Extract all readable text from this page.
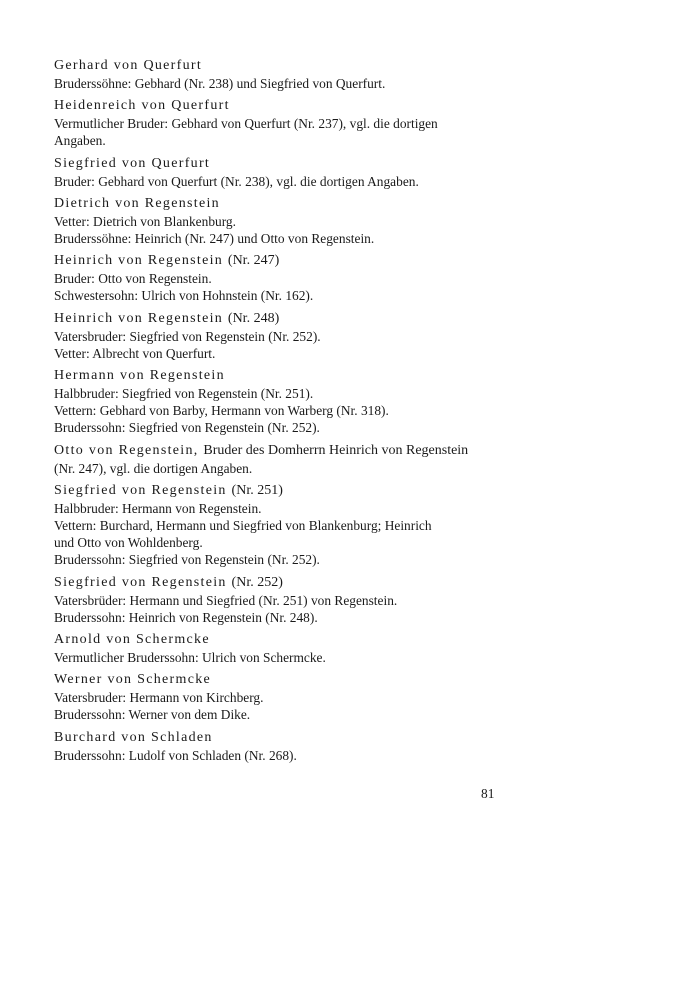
Gerhard von Querfurt
Bruderssöhne: Gebhard (Nr. 238) und Siegfried von Querfurt.
Heidenreich von Querfurt
Vermutlicher Bruder: Gebhard von Querfurt (Nr. 237), vgl. die dortigen
Angaben.
Siegfried von Querfurt
Bruder: Gebhard von Querfurt (Nr. 238), vgl. die dortigen Angaben.
Dietrich von Regenstein
Vetter: Dietrich von Blankenburg.
Bruderssöhne: Heinrich (Nr. 247) und Otto von Regenstein.
Heinrich von Regenstein (Nr. 247)
Bruder: Otto von Regenstein.
Schwestersohn: Ulrich von Hohnstein (Nr. 162).
Heinrich von Regenstein (Nr. 248)
Vatersbruder: Siegfried von Regenstein (Nr. 252).
Vetter: Albrecht von Querfurt.
Hermann von Regenstein
Halbbruder: Siegfried von Regenstein (Nr. 251).
Vettern: Gebhard von Barby, Hermann von Warberg (Nr. 318).
Bruderssohn: Siegfried von Regenstein (Nr. 252).
Otto von Regenstein, Bruder des Domherrn Heinrich von Regenstein
(Nr. 247), vgl. die dortigen Angaben.
Siegfried von Regenstein (Nr. 251)
Halbbruder: Hermann von Regenstein.
Vettern: Burchard, Hermann und Siegfried von Blankenburg; Heinrich
und Otto von Wohldenberg.
Bruderssohn: Siegfried von Regenstein (Nr. 252).
Siegfried von Regenstein (Nr. 252)
Vatersbrüder: Hermann und Siegfried (Nr. 251) von Regenstein.
Bruderssohn: Heinrich von Regenstein (Nr. 248).
Arnold von Schermcke
Vermutlicher Bruderssohn: Ulrich von Schermcke.
Werner von Schermcke
Vatersbruder: Hermann von Kirchberg.
Bruderssohn: Werner von dem Dike.
Burchard von Schladen
Bruderssohn: Ludolf von Schladen (Nr. 268).
81
